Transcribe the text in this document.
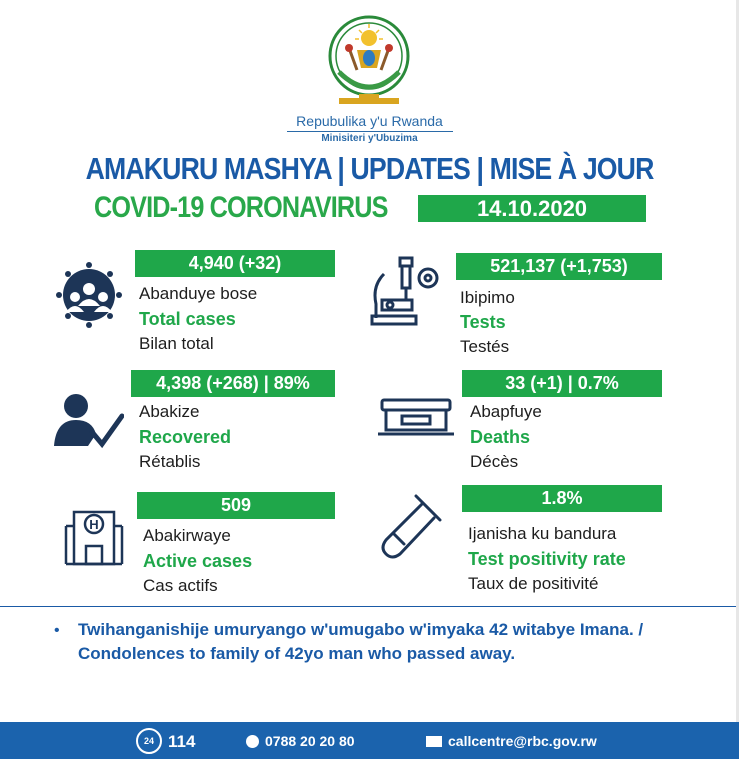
Repubulika y'u Rwanda
Minisiteri y'Ubuzima
AMAKURU MASHYA | UPDATES | MISE À JOUR
COVID-19 CORONAVIRUS	14.10.2020
4,940 (+32)
Abanduye bose
Total cases
Bilan total
521,137 (+1,753)
Ibipimo
Tests
Testés
4,398 (+268) | 89%
Abakize
Recovered
Rétablis
33 (+1) | 0.7%
Abapfuye
Deaths
Décès
H
509
Abakirwaye
Active cases
Cas actifs
1.8%
Ijanisha ku bandura
Test positivity rate
Taux de positivité
• Twihanganishije umuryango w'umugabo w'imyaka 42 witabye Imana. / Condolences to family of 42yo man who passed away.
24 114	0788 20 20 80	callcentre@rbc.gov.rw
